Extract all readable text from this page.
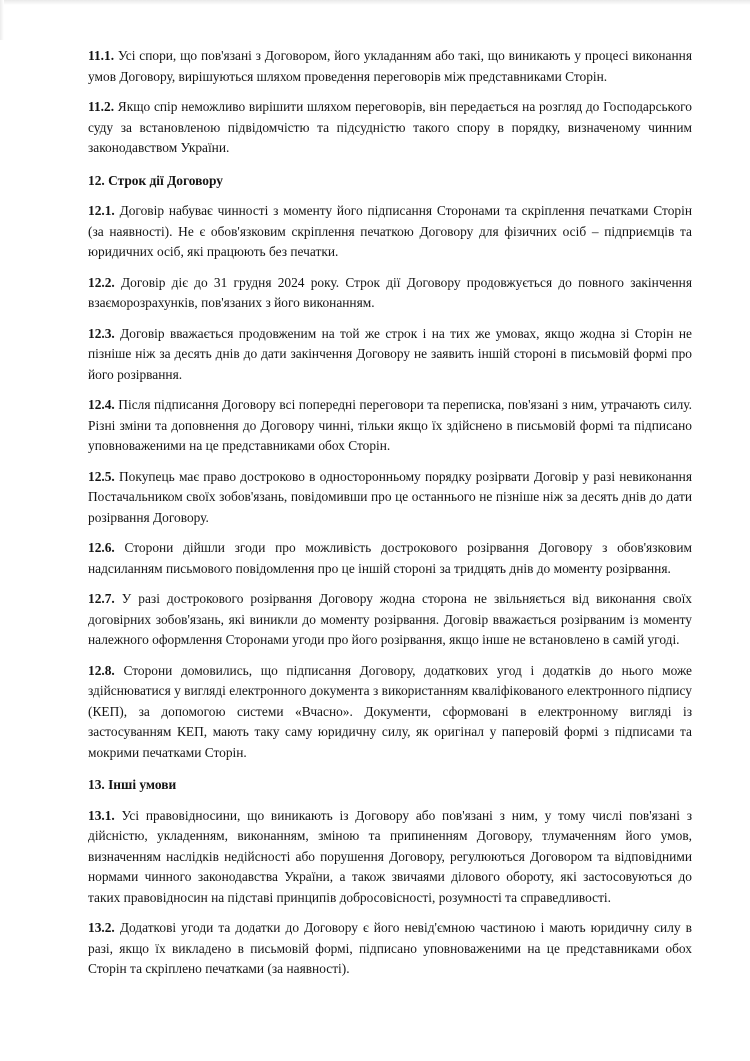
11.1. Усі спори, що пов'язані з Договором, його укладанням або такі, що виникають у процесі виконання умов Договору, вирішуються шляхом проведення переговорів між представниками Сторін.

11.2. Якщо спір неможливо вирішити шляхом переговорів, він передається на розгляд до Господарського суду за встановленою підвідомчістю та підсудністю такого спору в порядку, визначеному чинним законодавством України.

12. Строк дії Договору

12.1. Договір набуває чинності з моменту його підписання Сторонами та скріплення печатками Сторін (за наявності). Не є обов'язковим скріплення печаткою Договору для фізичних осіб – підприємців та юридичних осіб, які працюють без печатки.

12.2. Договір діє до 31 грудня 2024 року. Строк дії Договору продовжується до повного закінчення взаєморозрахунків, пов'язаних з його виконанням.

12.3. Договір вважається продовженим на той же строк і на тих же умовах, якщо жодна зі Сторін не пізніше ніж за десять днів до дати закінчення Договору не заявить іншій стороні в письмовій формі про його розірвання.

12.4. Після підписання Договору всі попередні переговори та переписка, пов'язані з ним, утрачають силу. Різні зміни та доповнення до Договору чинні, тільки якщо їх здійснено в письмовій формі та підписано уповноваженими на це представниками обох Сторін.

12.5. Покупець має право достроково в односторонньому порядку розірвати Договір у разі невиконання Постачальником своїх зобов'язань, повідомивши про це останнього не пізніше ніж за десять днів до дати розірвання Договору.

12.6. Сторони дійшли згоди про можливість дострокового розірвання Договору з обов'язковим надсиланням письмового повідомлення про це іншій стороні за тридцять днів до моменту розірвання.

12.7. У разі дострокового розірвання Договору жодна сторона не звільняється від виконання своїх договірних зобов'язань, які виникли до моменту розірвання. Договір вважається розірваним із моменту належного оформлення Сторонами угоди про його розірвання, якщо інше не встановлено в самій угоді.

12.8. Сторони домовились, що підписання Договору, додаткових угод і додатків до нього може здійснюватися у вигляді електронного документа з використанням кваліфікованого електронного підпису (КЕП), за допомогою системи «Вчасно». Документи, сформовані в електронному вигляді із застосуванням КЕП, мають таку саму юридичну силу, як оригінал у паперовій формі з підписами та мокрими печатками Сторін.

13. Інші умови

13.1. Усі правовідносини, що виникають із Договору або пов'язані з ним, у тому числі пов'язані з дійсністю, укладенням, виконанням, зміною та припиненням Договору, тлумаченням його умов, визначенням наслідків недійсності або порушення Договору, регулюються Договором та відповідними нормами чинного законодавства України, а також звичаями ділового обороту, які застосовуються до таких правовідносин на підставі принципів добросовісності, розумності та справедливості.

13.2. Додаткові угоди та додатки до Договору є його невід'ємною частиною і мають юридичну силу в разі, якщо їх викладено в письмовій формі, підписано уповноваженими на це представниками обох Сторін та скріплено печатками (за наявності).
